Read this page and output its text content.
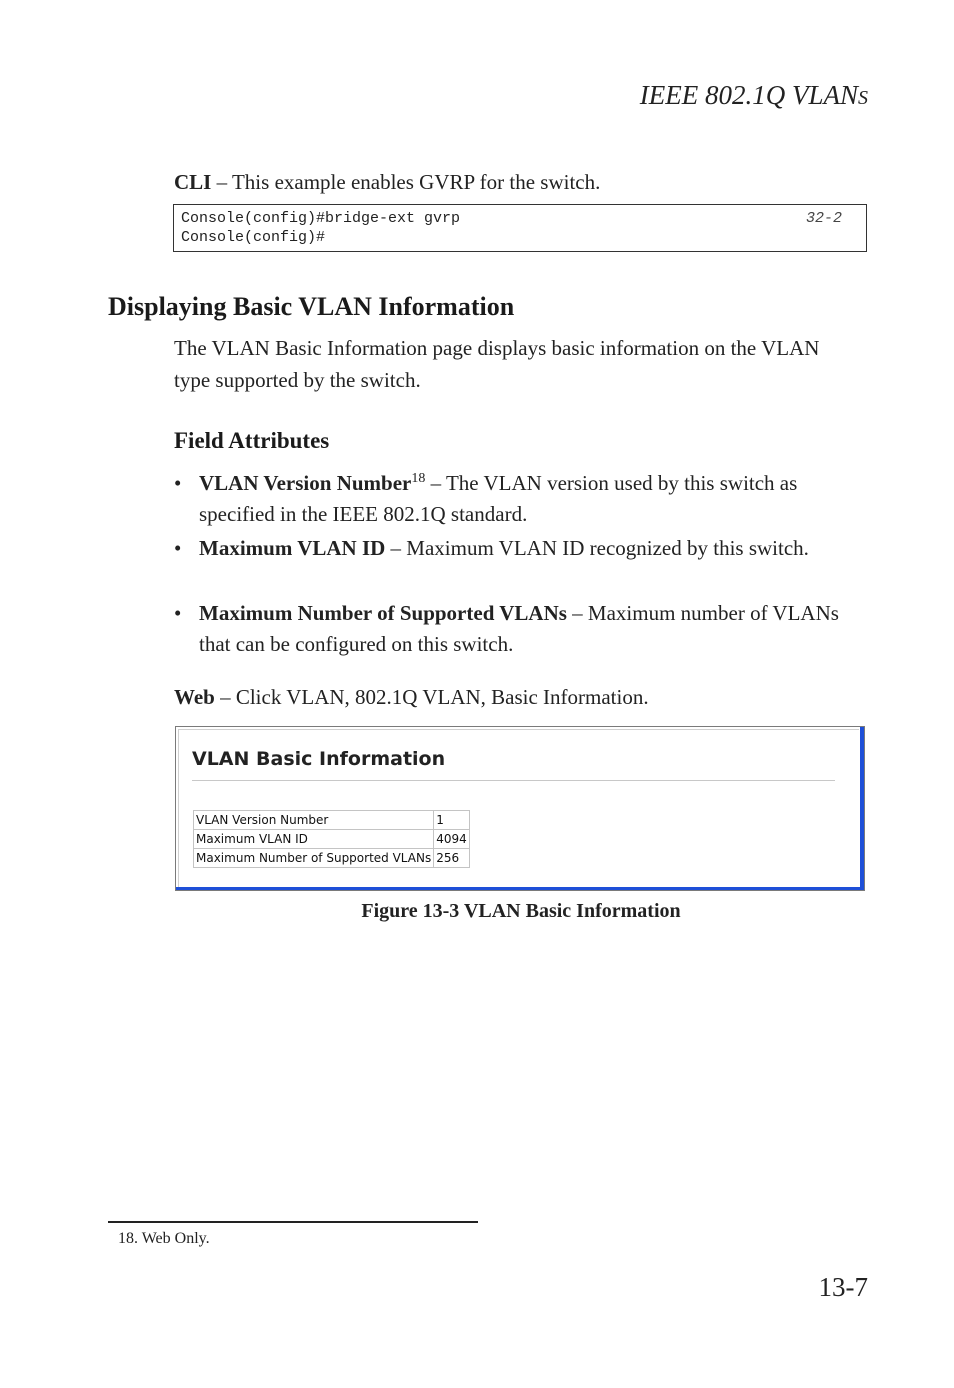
IEEE 802.1Q VLANS
CLI – This example enables GVRP for the switch.
Console(config)#bridge-ext gvrp
Console(config)#
32-2
Displaying Basic VLAN Information
The VLAN Basic Information page displays basic information on the VLAN type supported by the switch.
Field Attributes
• VLAN Version Number$^{18}$ – The VLAN version used by this switch as specified in the IEEE 802.1Q standard.
• Maximum VLAN ID – Maximum VLAN ID recognized by this switch.
• Maximum Number of Supported VLANs – Maximum number of VLANs that can be configured on this switch.
Web – Click VLAN, 802.1Q VLAN, Basic Information.
VLAN Basic Information
VLAN Version Number	1
Maximum VLAN ID	4094
Maximum Number of Supported VLANs	256
Figure 13-3 VLAN Basic Information
18. Web Only.
13-7
